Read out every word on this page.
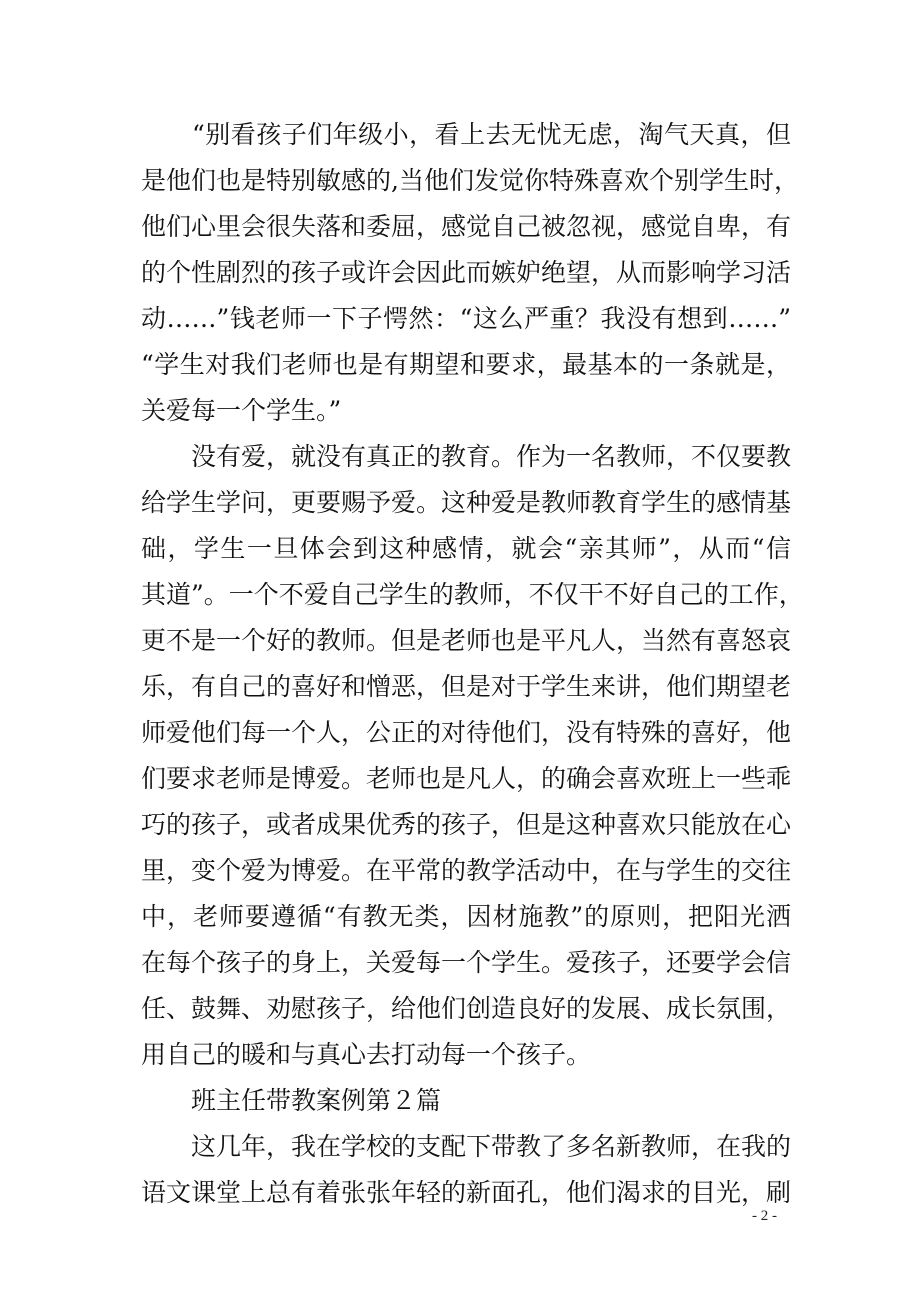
　　“别看孩子们年级小，看上去无忧无虑，淘气天真，但
是他们也是特别敏感的,当他们发觉你特殊喜欢个别学生时，
他们心里会很失落和委屈，感觉自己被忽视，感觉自卑，有
的个性剧烈的孩子或许会因此而嫉妒绝望，从而影响学习活
动……”钱老师一下子愕然：“这么严重？我没有想到……”
“学生对我们老师也是有期望和要求，最基本的一条就是，
关爱每一个学生。”
　　没有爱，就没有真正的教育。作为一名教师，不仅要教
给学生学问，更要赐予爱。这种爱是教师教育学生的感情基
础，学生一旦体会到这种感情，就会“亲其师”，从而“信
其道”。一个不爱自己学生的教师，不仅干不好自己的工作，
更不是一个好的教师。但是老师也是平凡人，当然有喜怒哀
乐，有自己的喜好和憎恶，但是对于学生来讲，他们期望老
师爱他们每一个人，公正的对待他们，没有特殊的喜好，他
们要求老师是博爱。老师也是凡人，的确会喜欢班上一些乖
巧的孩子，或者成果优秀的孩子，但是这种喜欢只能放在心
里，变个爱为博爱。在平常的教学活动中，在与学生的交往
中，老师要遵循“有教无类，因材施教”的原则，把阳光洒
在每个孩子的身上，关爱每一个学生。爱孩子，还要学会信
任、鼓舞、劝慰孩子，给他们创造良好的发展、成长氛围，
用自己的暖和与真心去打动每一个孩子。
班主任带教案例第２篇
　　这几年，我在学校的支配下带教了多名新教师，在我的
语文课堂上总有着张张年轻的新面孔，他们渴求的目光，刷
- 2 -
